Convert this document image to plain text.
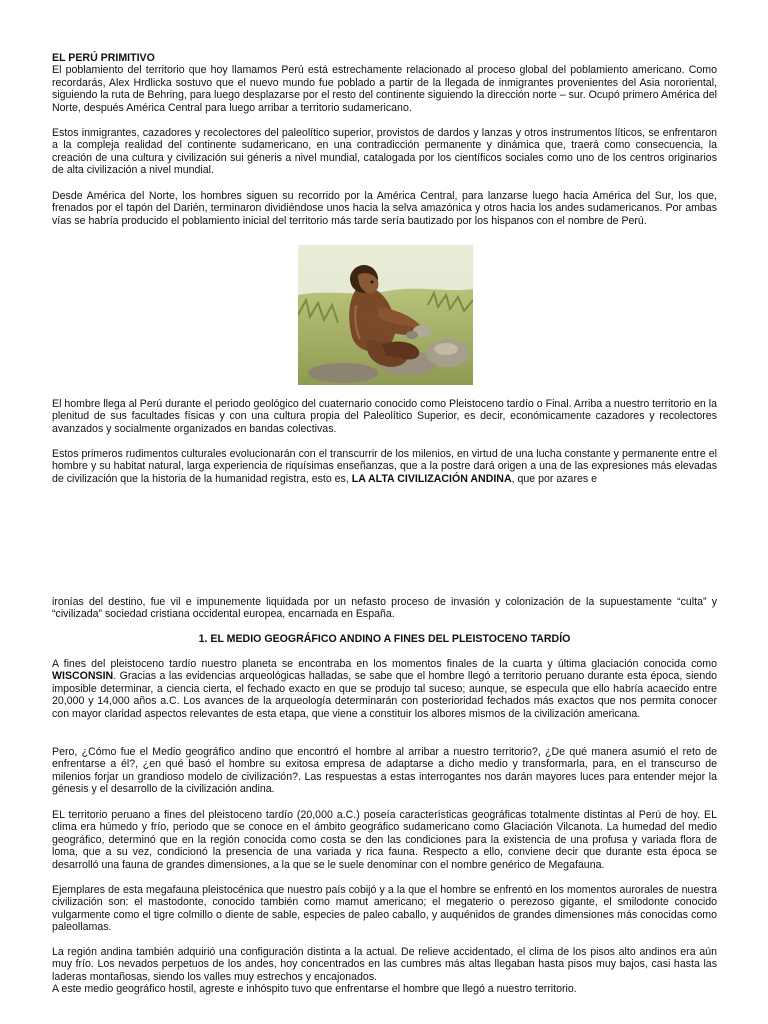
EL PERÚ PRIMITIVO

El poblamiento del territorio que hoy llamamos Perú está estrechamente relacionado al proceso global del poblamiento americano. Como recordarás, Alex Hrdlicka sostuvo que el nuevo mundo fue poblado a partir de la llegada de inmigrantes provenientes del Asia nororiental, siguiendo la ruta de Behring, para luego desplazarse por el resto del continente siguiendo la dirección norte – sur. Ocupó primero América del Norte, después América Central para luego arribar a territorio sudamericano.

Estos inmigrantes, cazadores y recolectores del paleolítico superior, provistos de dardos y lanzas y otros instrumentos líticos, se enfrentaron a la compleja realidad del continente sudamericano, en una contradicción permanente y dinámica que, traerá como consecuencia, la creación de una cultura y civilización sui géneris a nivel mundial, catalogada por los científicos sociales como uno de los centros originarios de alta civilización a nivel mundial.

Desde América del Norte, los hombres siguen su recorrido por la América Central, para lanzarse luego hacia América del Sur, los que, frenados por el tapón del Darién, terminaron dividiéndose unos hacia la selva amazónica y otros hacia los andes sudamericanos. Por ambas vías se habría producido el poblamiento inicial del territorio más tarde sería bautizado por los hispanos con el nombre de Perú.

El hombre llega al Perú durante el periodo geológico del cuaternario conocido como Pleistoceno tardío o Final. Arriba a nuestro territorio en la plenitud de sus facultades físicas y con una cultura propia del Paleolítico Superior, es decir, económicamente cazadores y recolectores avanzados y socialmente organizados en bandas colectivas.

Estos primeros rudimentos culturales evolucionarán con el transcurrir de los milenios, en virtud de una lucha constante y permanente entre el hombre y su habitat natural, larga experiencia de riquísimas enseñanzas, que a la postre dará origen a una de las expresiones más elevadas de civilización que la historia de la humanidad registra, esto es, LA ALTA CIVILIZACIÓN ANDINA, que por azares e

ironías del destino, fue vil e impunemente liquidada por un nefasto proceso de invasión y colonización de la supuestamente “culta” y “civilizada” sociedad cristiana occidental europea, encarnada en España.

1. EL MEDIO GEOGRÁFICO ANDINO A FINES DEL PLEISTOCENO TARDÍO

A fines del pleistoceno tardío nuestro planeta se encontraba en los momentos finales de la cuarta y última glaciación conocida como WISCONSIN. Gracias a las evidencias arqueológicas halladas, se sabe que el hombre llegó a territorio peruano durante esta época, siendo imposible determinar, a ciencia cierta, el fechado exacto en que se produjo tal suceso; aunque, se especula que ello habría acaecido entre 20,000 y 14,000 años a.C. Los avances de la arqueología determinarán con posterioridad fechados más exactos que nos permita conocer con mayor claridad aspectos relevantes de esta etapa, que viene a constituir los albores mismos de la civilización americana.

Pero, ¿Cómo fue el Medio geográfico andino que encontró el hombre al arribar a nuestro territorio?, ¿De qué manera asumió el reto de enfrentarse a él?, ¿en qué basó el hombre su exitosa empresa de adaptarse a dicho medio y transformarla, para, en el transcurso de milenios forjar un grandioso modelo de civilización?. Las respuestas a estas interrogantes nos darán mayores luces para entender mejor la génesis y el desarrollo de la civilización andina.

EL territorio peruano a fines del pleistoceno tardío (20,000 a.C.) poseía características geográficas totalmente distintas al Perú de hoy. EL clima era húmedo y frío, periodo que se conoce en el ámbito geográfico sudamericano como Glaciación Vilcanota. La humedad del medio geográfico, determinó que en la región conocida como costa se den las condiciones para la existencia de una profusa y variada flora de loma, que a su vez, condicionó la presencia de una variada y rica fauna. Respecto a ello, conviene decir que durante esta época se desarrolló una fauna de grandes dimensiones, a la que se le suele denominar con el nombre genérico de Megafauna.

Ejemplares de esta megafauna pleistocénica que nuestro país cobijó y a la que el hombre se enfrentó en los momentos aurorales de nuestra civilización son: el mastodonte, conocido también como mamut americano; el megaterio o perezoso gigante, el smilodonte conocido vulgarmente como el tigre colmillo o diente de sable, especies de paleo caballo, y auquénidos de grandes dimensiones más conocidas como paleollamas.

La región andina también adquirió una configuración distinta a la actual. De relieve accidentado, el clima de los pisos alto andinos era aún muy frío. Los nevados perpetuos de los andes, hoy concentrados en las cumbres más altas llegaban hasta pisos muy bajos, casi hasta las laderas montañosas, siendo los valles muy estrechos y encajonados.

A este medio geográfico hostil, agreste e inhóspito tuvo que enfrentarse el hombre que llegó a nuestro territorio.
